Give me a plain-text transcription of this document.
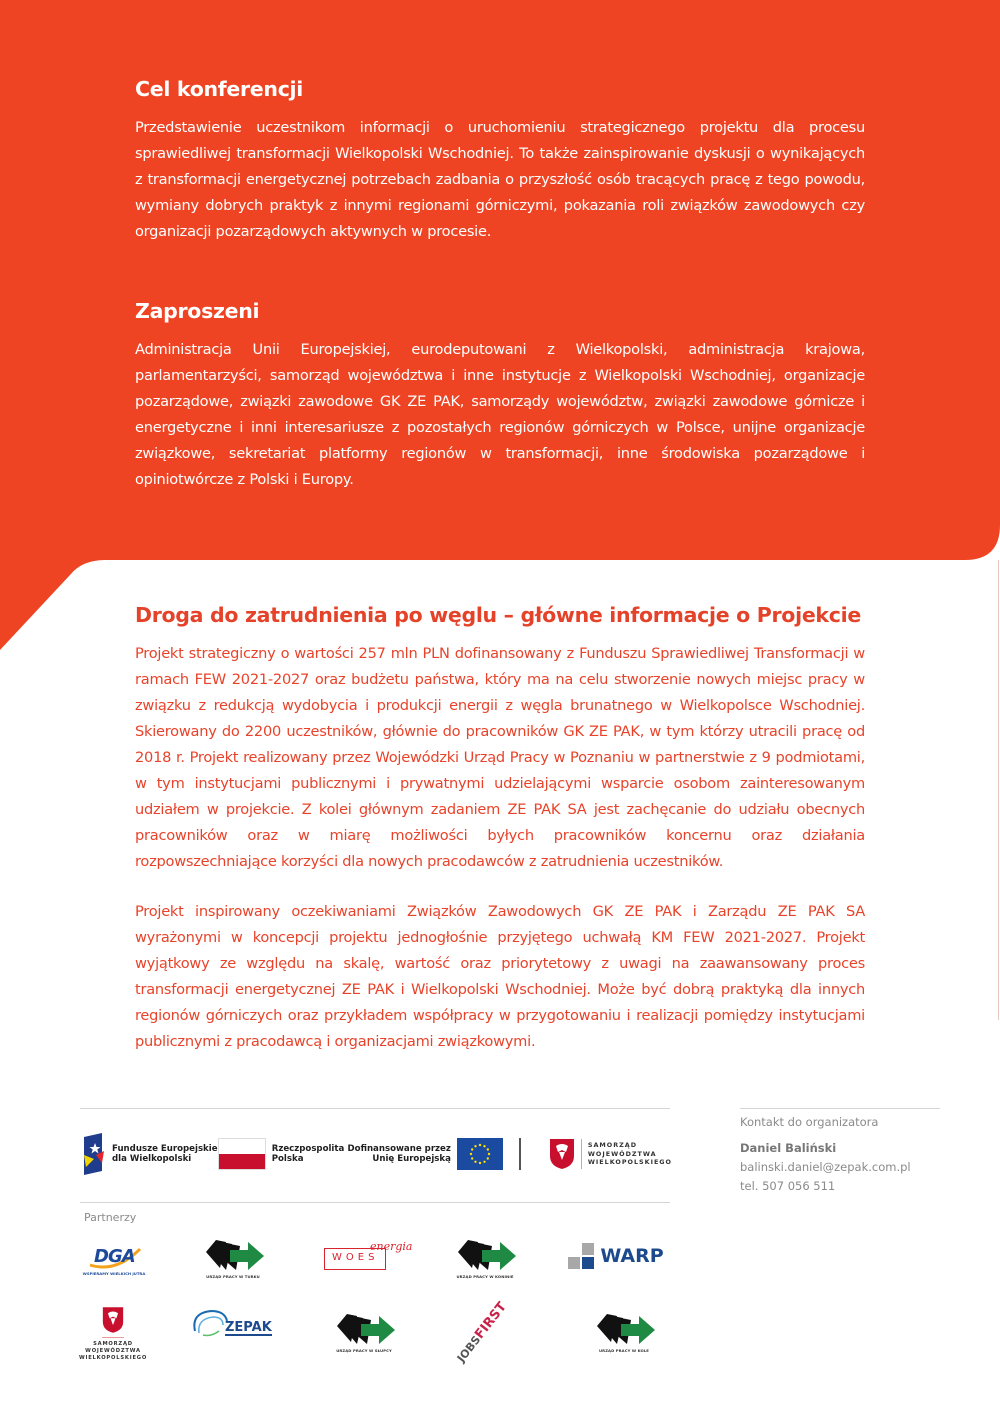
Cel konferencji
Przedstawienie uczestnikom informacji o uruchomieniu strategicznego projektu dla procesu sprawiedliwej transformacji Wielkopolski Wschodniej. To także zainspirowanie dyskusji o wynikających z transformacji energetycznej potrzebach zadbania o przyszłość osób tracących pracę z tego powodu, wymiany dobrych praktyk z innymi regionami górniczymi, pokazania roli związków zawodowych czy organizacji pozarządowych aktywnych w procesie.
Zaproszeni
Administracja Unii Europejskiej, eurodeputowani z Wielkopolski, administracja krajowa, parlamentarzyści, samorząd województwa i inne instytucje z Wielkopolski Wschodniej, organizacje pozarządowe, związki zawodowe GK ZE PAK, samorządy województw, związki zawodowe górnicze i energetyczne i inni interesariusze z pozostałych regionów górniczych w Polsce, unijne organizacje związkowe, sekretariat platformy regionów w transformacji, inne środowiska pozarządowe i opiniotwórcze z Polski i Europy.
Droga do zatrudnienia po węglu – główne informacje o Projekcie
Projekt strategiczny o wartości 257 mln PLN dofinansowany z Funduszu Sprawiedliwej Transformacji w ramach FEW 2021-2027 oraz budżetu państwa, który ma na celu stworzenie nowych miejsc pracy w związku z redukcją wydobycia i produkcji energii z węgla brunatnego w Wielkopolsce Wschodniej. Skierowany do 2200 uczestników, głównie do pracowników GK ZE PAK, w tym którzy utracili pracę od 2018 r. Projekt realizowany przez Wojewódzki Urząd Pracy w Poznaniu w partnerstwie z 9 podmiotami, w tym instytucjami publicznymi i prywatnymi udzielającymi wsparcie osobom zainteresowanym udziałem w projekcie. Z kolei głównym zadaniem ZE PAK SA jest zachęcanie do udziału obecnych pracowników oraz w miarę możliwości byłych pracowników koncernu oraz działania rozpowszechniające korzyści dla nowych pracodawców z zatrudnienia uczestników.
Projekt inspirowany oczekiwaniami Związków Zawodowych GK ZE PAK i Zarządu ZE PAK SA wyrażonymi w koncepcji projektu jednogłośnie przyjętego uchwałą KM FEW 2021-2027. Projekt wyjątkowy ze względu na skalę, wartość oraz priorytetowy z uwagi na zaawansowany proces transformacji energetycznej ZE PAK i Wielkopolski Wschodniej. Może być dobrą praktyką dla innych regionów górniczych oraz przykładem współpracy w przygotowaniu i realizacji pomiędzy instytucjami publicznymi z pracodawcą i organizacjami związkowymi.
Fundusze Europejskie
dla Wielkopolski
Rzeczpospolita
Polska
Dofinansowane przez
Unię Europejską
SAMORZĄD
WOJEWÓDZTWA
WIELKOPOLSKIEGO
Kontakt do organizatora
Daniel Baliński
balinski.daniel@zepak.com.pl
tel. 507 056 511
Partnerzy
DGA
WSPIERAMY WIELKICH JUTRA
URZĄD PRACY W TURKU
WOES
energia
URZĄD PRACY W KONINIE
WARP
SAMORZĄD
WOJEWÓDZTWA
WIELKOPOLSKIEGO
ZEPAK
URZĄD PRACY W SŁUPCY	JOBS
FIRST
URZĄD PRACY W KOLE
